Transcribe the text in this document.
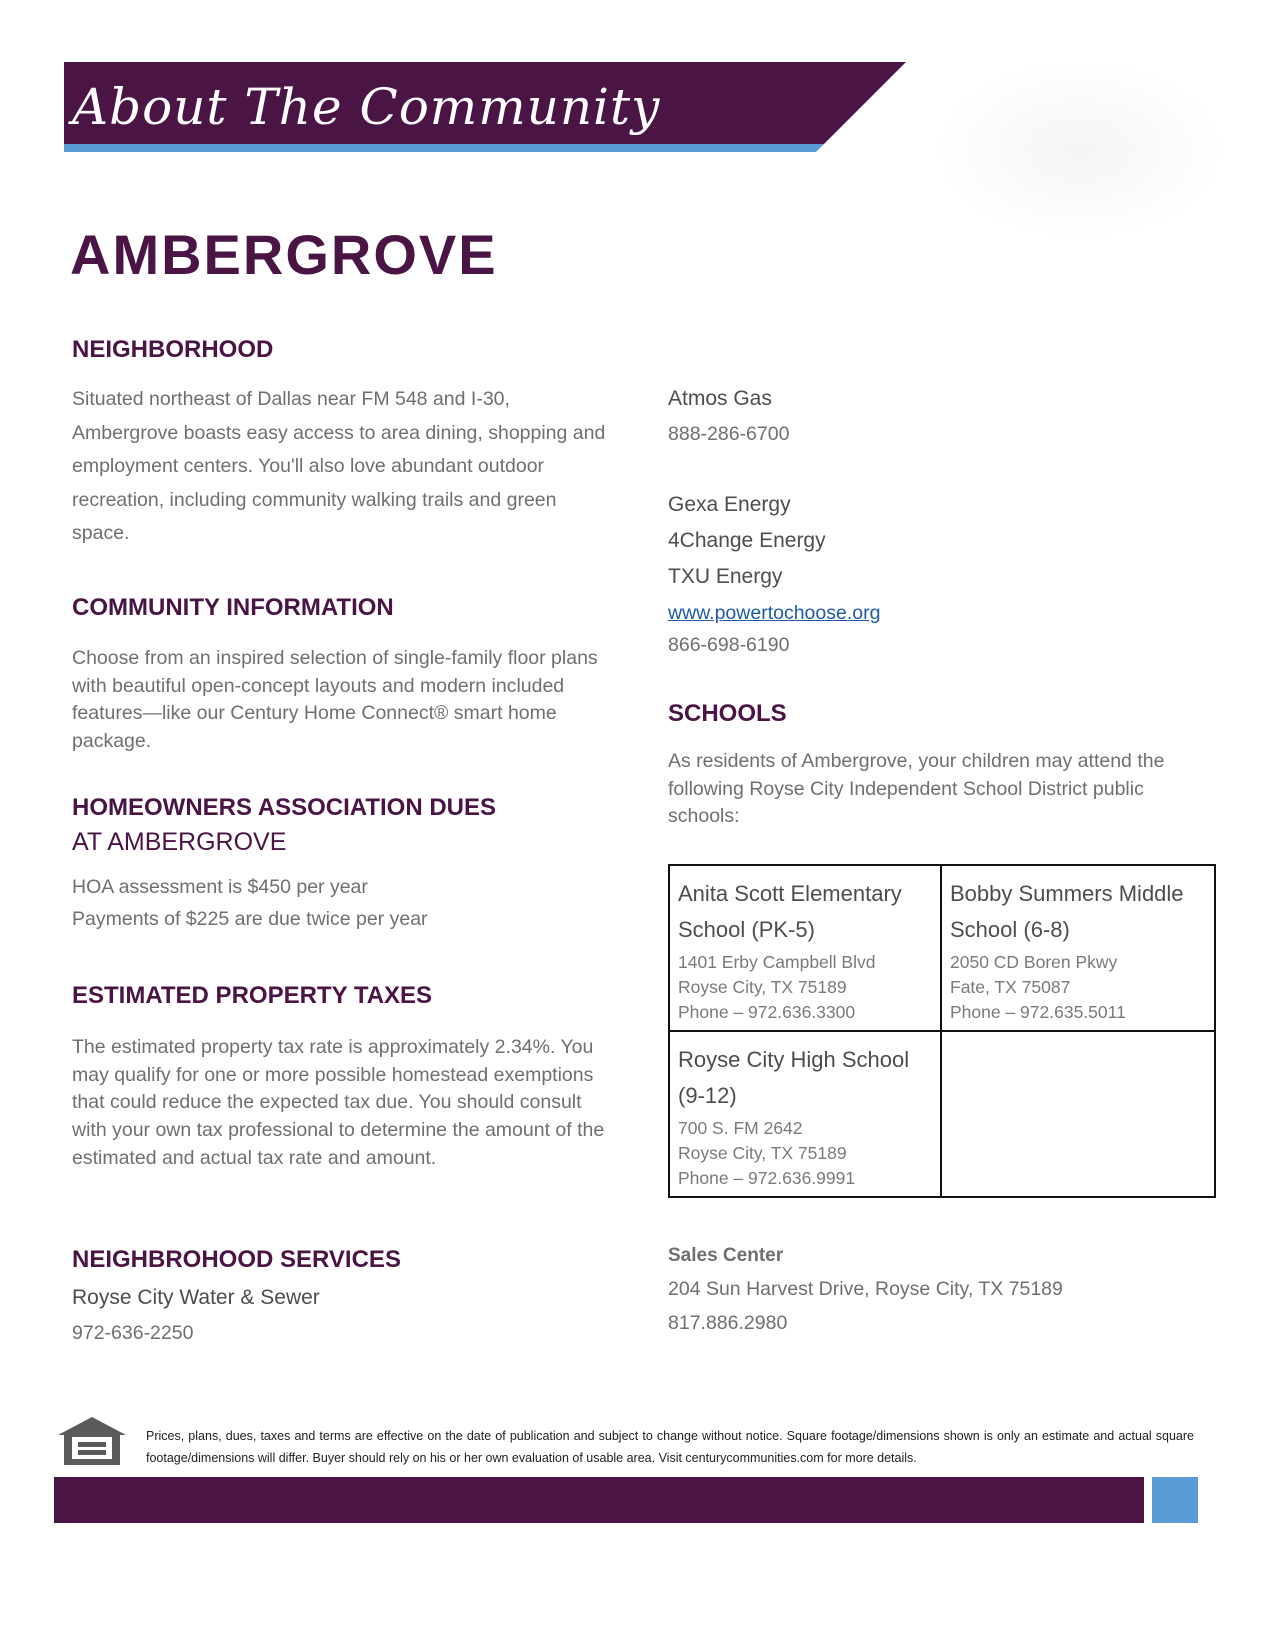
About The Community
AMBERGROVE
NEIGHBORHOOD
Situated northeast of Dallas near FM 548 and I-30, Ambergrove boasts easy access to area dining, shopping and employment centers. You'll also love abundant outdoor recreation, including community walking trails and green space.
COMMUNITY INFORMATION
Choose from an inspired selection of single-family floor plans with beautiful open-concept layouts and modern included features—like our Century Home Connect® smart home package.
HOMEOWNERS ASSOCIATION DUES
AT AMBERGROVE
HOA assessment is $450 per year
Payments of $225 are due twice per year
ESTIMATED PROPERTY TAXES
The estimated property tax rate is approximately 2.34%. You may qualify for one or more possible homestead exemptions that could reduce the expected tax due. You should consult with your own tax professional to determine the amount of the estimated and actual tax rate and amount.
NEIGHBROHOOD SERVICES
Royse City Water & Sewer
972-636-2250
Atmos Gas
888-286-6700
Gexa Energy
4Change Energy
TXU Energy
www.powertochoose.org
866-698-6190
SCHOOLS
As residents of Ambergrove, your children may attend the following Royse City Independent School District public schools:
Anita Scott Elementary School (PK-5)
1401 Erby Campbell Blvd
Royse City, TX 75189
Phone – 972.636.3300
Bobby Summers Middle School (6-8)
2050 CD Boren Pkwy
Fate, TX 75087
Phone – 972.635.5011
Royse City High School (9-12)
700 S. FM 2642
Royse City, TX 75189
Phone – 972.636.9991
Sales Center
204 Sun Harvest Drive, Royse City, TX 75189
817.886.2980
Prices, plans, dues, taxes and terms are effective on the date of publication and subject to change without notice. Square footage/dimensions shown is only an estimate and actual square footage/dimensions will differ. Buyer should rely on his or her own evaluation of usable area. Visit centurycommunities.com for more details.
